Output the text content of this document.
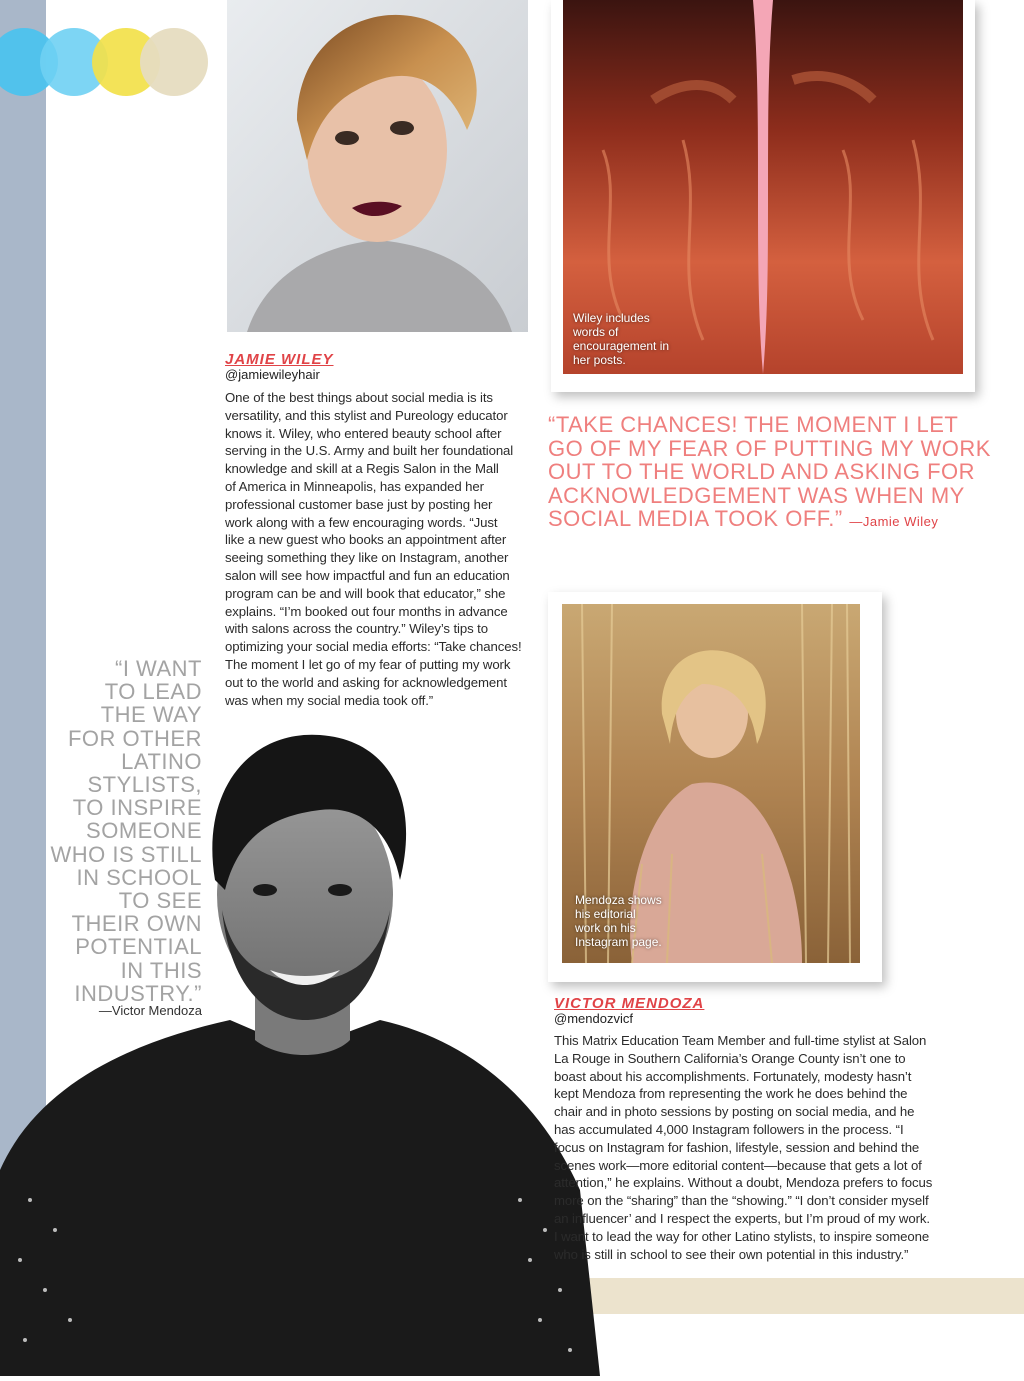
Wiley includes
words of
encouragement in
her posts.
JAMIE WILEY
@jamiewileyhair
One of the best things about social media is its
versatility, and this stylist and Pureology educator
knows it. Wiley, who entered beauty school after
serving in the U.S. Army and built her foundational
knowledge and skill at a Regis Salon in the Mall
of America in Minneapolis, has expanded her
professional customer base just by posting her
work along with a few encouraging words. “Just
like a new guest who books an appointment after
seeing something they like on Instagram, another
salon will see how impactful and fun an education
program can be and will book that educator,” she
explains. “I’m booked out four months in advance
with salons across the country.” Wiley’s tips to
optimizing your social media efforts: “Take chances!
The moment I let go of my fear of putting my work
out to the world and asking for acknowledgement
was when my social media took off.”
“TAKE CHANCES! THE MOMENT I LET
GO OF MY FEAR OF PUTTING MY WORK
OUT TO THE WORLD AND ASKING FOR
ACKNOWLEDGEMENT WAS WHEN MY
SOCIAL MEDIA TOOK OFF.” —Jamie Wiley
Mendoza shows
his editorial
work on his
Instagram page.
“I WANT
TO LEAD
THE WAY
FOR OTHER
LATINO
STYLISTS,
TO INSPIRE
SOMEONE
WHO IS STILL
IN SCHOOL
TO SEE
THEIR OWN
POTENTIAL
IN THIS
INDUSTRY.”
—Victor Mendoza	VICTOR MENDOZA
@mendozvicf
This Matrix Education Team Member and full-time stylist at Salon
La Rouge in Southern California’s Orange County isn’t one to
boast about his accomplishments. Fortunately, modesty hasn’t
kept Mendoza from representing the work he does behind the
chair and in photo sessions by posting on social media, and he
has accumulated 4,000 Instagram followers in the process. “I
focus on Instagram for fashion, lifestyle, session and behind the
scenes work—more editorial content—because that gets a lot of
attention,” he explains. Without a doubt, Mendoza prefers to focus
more on the “sharing” than the “showing.” “I don’t consider myself
an influencer’ and I respect the experts, but I’m proud of my work.
I want to lead the way for other Latino stylists, to inspire someone
who is still in school to see their own potential in this industry.”
